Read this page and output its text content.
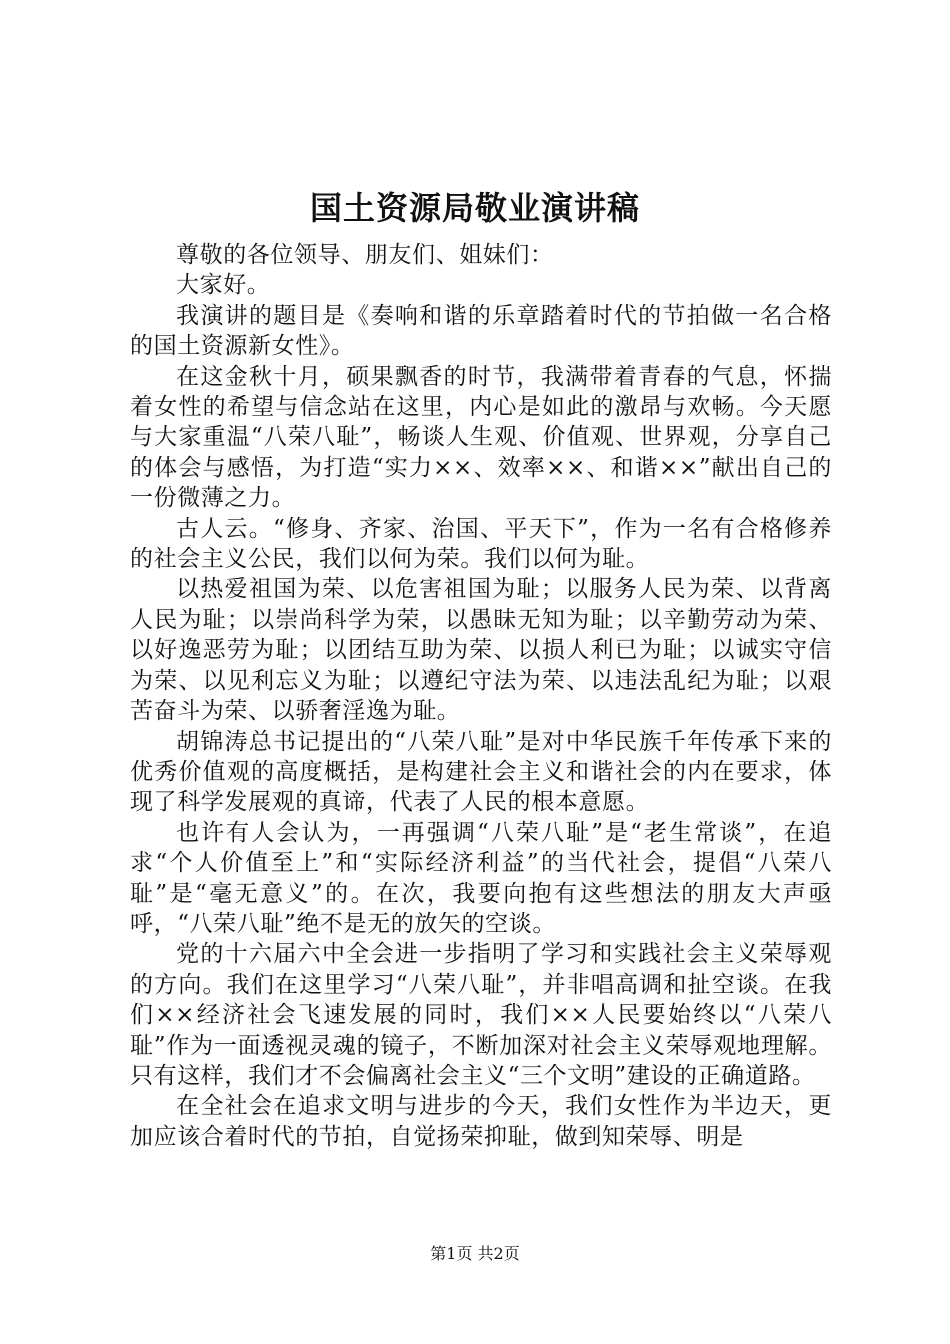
国土资源局敬业演讲稿

尊敬的各位领导、朋友们、姐妹们：

大家好。

我演讲的题目是《奏响和谐的乐章踏着时代的节拍做一名合格的国土资源新女性》。

在这金秋十月，硕果飘香的时节，我满带着青春的气息，怀揣着女性的希望与信念站在这里，内心是如此的激昂与欢畅。今天愿与大家重温“八荣八耻”，畅谈人生观、价值观、世界观，分享自己的体会与感悟，为打造“实力××、效率××、和谐××”献出自己的一份微薄之力。

古人云。“修身、齐家、治国、平天下”，作为一名有合格修养的社会主义公民，我们以何为荣。我们以何为耻。

以热爱祖国为荣、以危害祖国为耻；以服务人民为荣、以背离人民为耻；以崇尚科学为荣，以愚昧无知为耻；以辛勤劳动为荣、以好逸恶劳为耻；以团结互助为荣、以损人利已为耻；以诚实守信为荣、以见利忘义为耻；以遵纪守法为荣、以违法乱纪为耻；以艰苦奋斗为荣、以骄奢淫逸为耻。

胡锦涛总书记提出的“八荣八耻”是对中华民族千年传承下来的优秀价值观的高度概括，是构建社会主义和谐社会的内在要求，体现了科学发展观的真谛，代表了人民的根本意愿。

也许有人会认为，一再强调“八荣八耻”是“老生常谈”，在追求“个人价值至上”和“实际经济利益”的当代社会，提倡“八荣八耻”是“毫无意义”的。在次，我要向抱有这些想法的朋友大声亟呼，“八荣八耻”绝不是无的放矢的空谈。

党的十六届六中全会进一步指明了学习和实践社会主义荣辱观的方向。我们在这里学习“八荣八耻”，并非唱高调和扯空谈。在我们××经济社会飞速发展的同时，我们××人民要始终以“八荣八耻”作为一面透视灵魂的镜子，不断加深对社会主义荣辱观地理解。只有这样，我们才不会偏离社会主义“三个文明”建设的正确道路。

在全社会在追求文明与进步的今天，我们女性作为半边天，更加应该合着时代的节拍，自觉扬荣抑耻，做到知荣辱、明是

第1页 共2页
